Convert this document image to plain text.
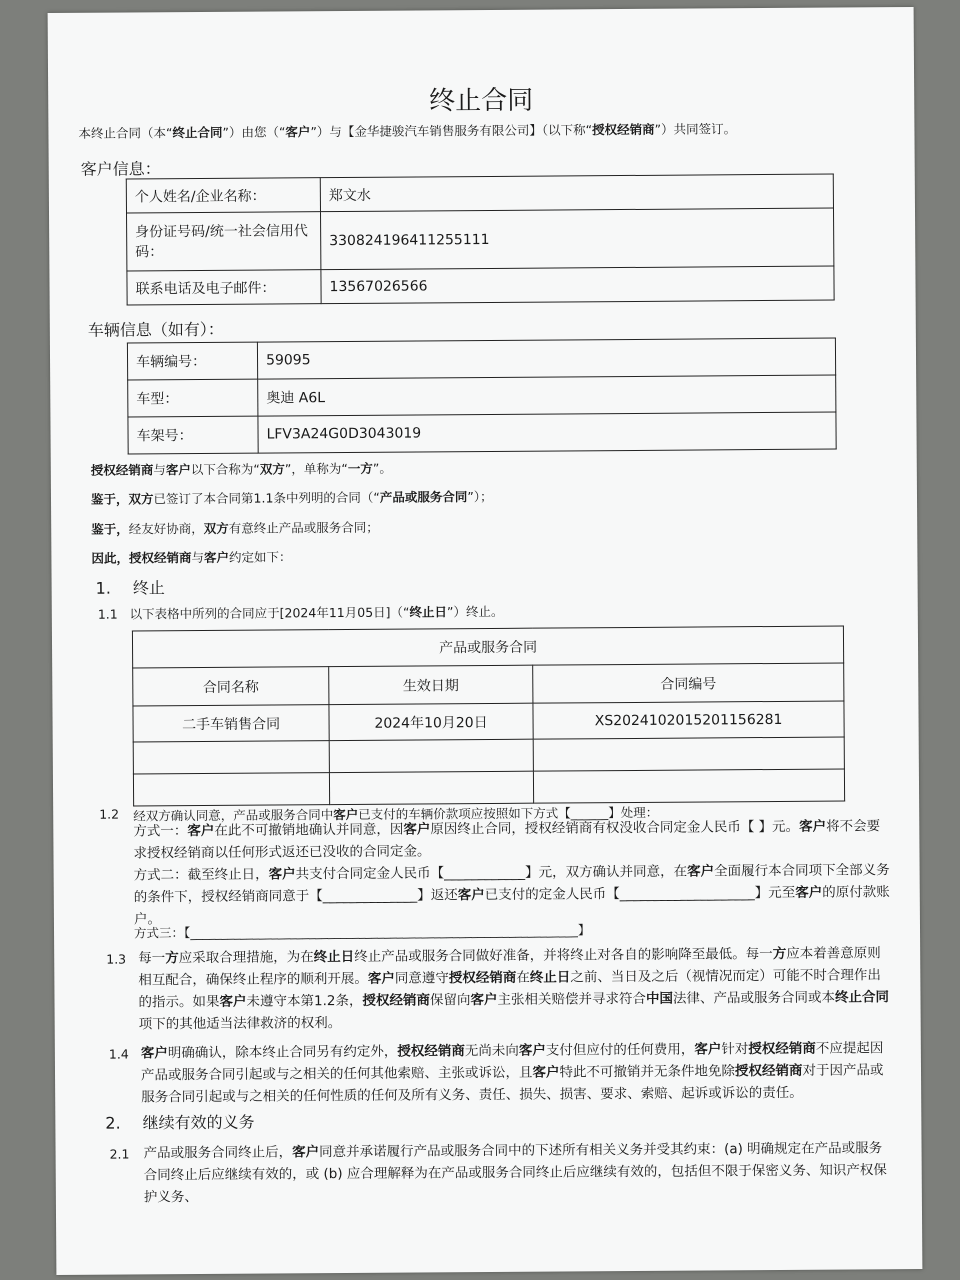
终止合同
本终止合同（本“终止合同”）由您（“客户”）与【金华捷骏汽车销售服务有限公司】（以下称“授权经销商”）共同签订。
客户信息：
个人姓名/企业名称：	郑文水
身份证号码/统一社会信用代码：	330824196411255111
联系电话及电子邮件：	13567026566
车辆信息（如有）：
车辆编号：	59095
车型：	奥迪 A6L
车架号：	LFV3A24G0D3043019
授权经销商与客户以下合称为“双方”，单称为“一方”。
鉴于，双方已签订了本合同第1.1条中列明的合同（“产品或服务合同”）；
鉴于，经友好协商，双方有意终止产品或服务合同；
因此，授权经销商与客户约定如下：
1. 终止
1.1 以下表格中所列的合同应于[2024年11月05日]（“终止日”）终止。
产品或服务合同		
合同名称	生效日期	合同编号
二手车销售合同	2024年10月20日	XS2024102015201156281

1.2 经双方确认同意，产品或服务合同中客户已支付的车辆价款项应按照如下方式【______】处理：
方式一：客户在此不可撤销地确认并同意，因客户原因终止合同，授权经销商有权没收合同定金人民币【 】元。客户将不会要求授权经销商以任何形式返还已没收的合同定金。
方式二：截至终止日，客户共支付合同定金人民币【____________】元，双方确认并同意，在客户全面履行本合同项下全部义务的条件下，授权经销商同意于【______________】返还客户已支付的定金人民币【____________________】元至客户的原付款账户。
方式三：【______________________________________________________________】
1.3 每一方应采取合理措施，为在终止日终止产品或服务合同做好准备，并将终止对各自的影响降至最低。每一方应本着善意原则相互配合，确保终止程序的顺利开展。客户同意遵守授权经销商在终止日之前、当日及之后（视情况而定）可能不时合理作出的指示。如果客户未遵守本第1.2条，授权经销商保留向客户主张相关赔偿并寻求符合中国法律、产品或服务合同或本终止合同项下的其他适当法律救济的权利。
1.4 客户明确确认，除本终止合同另有约定外，授权经销商无尚未向客户支付但应付的任何费用，客户针对授权经销商不应提起因产品或服务合同引起或与之相关的任何其他索赔、主张或诉讼，且客户特此不可撤销并无条件地免除授权经销商对于因产品或服务合同引起或与之相关的任何性质的任何及所有义务、责任、损失、损害、要求、索赔、起诉或诉讼的责任。
2. 继续有效的义务
2.1 产品或服务合同终止后，客户同意并承诺履行产品或服务合同中的下述所有相关义务并受其约束：(a) 明确规定在产品或服务合同终止后应继续有效的，或 (b) 应合理解释为在产品或服务合同终止后应继续有效的，包括但不限于保密义务、知识产权保护义务、
